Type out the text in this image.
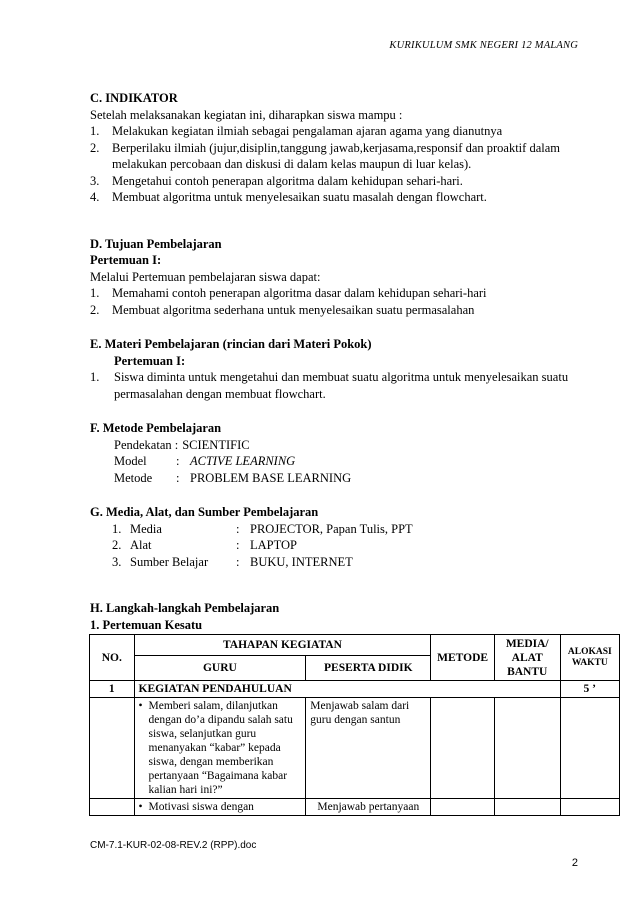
KURIKULUM SMK NEGERI 12 MALANG

C. INDIKATOR

Setelah melaksanakan kegiatan ini, diharapkan siswa mampu :

1.	Melakukan kegiatan ilmiah sebagai pengalaman ajaran agama yang dianutnya
2.	Berperilaku ilmiah (jujur,disiplin,tanggung jawab,kerjasama,responsif dan proaktif dalam melakukan percobaan dan diskusi di dalam kelas maupun di luar kelas).
3.	Mengetahui contoh penerapan algoritma dalam kehidupan sehari-hari.
4.	Membuat algoritma untuk menyelesaikan suatu masalah dengan flowchart.

D. Tujuan Pembelajaran

Pertemuan I:

Melalui Pertemuan pembelajaran siswa dapat:

1.	Memahami contoh penerapan algoritma dasar dalam kehidupan sehari-hari
2.	Membuat algoritma sederhana untuk menyelesaikan suatu permasalahan

E. Materi Pembelajaran (rincian dari Materi Pokok)

Pertemuan I:

1.	Siswa diminta untuk mengetahui dan membuat suatu algoritma untuk menyelesaikan suatu permasalahan dengan membuat flowchart.

F. Metode Pembelajaran

Pendekatan : SCIENTIFIC
Model	: ACTIVE LEARNING
Metode	: PROBLEM BASE LEARNING

G. Media, Alat, dan Sumber Pembelajaran

1. Media	: PROJECTOR, Papan Tulis, PPT
2. Alat	: LAPTOP
3. Sumber Belajar	: BUKU, INTERNET

H. Langkah-langkah Pembelajaran

1. Pertemuan Kesatu

NO.	TAHAPAN KEGIATAN		METODE	MEDIA/ ALAT BANTU	ALOKASI WAKTU
	GURU	PESERTA DIDIK			
1	KEGIATAN PENDAHULUAN				5 ’

	• Memberi salam, dilanjutkan dengan do’a dipandu salah satu siswa, selanjutkan guru menanyakan “kabar” kepada siswa, dengan memberikan pertanyaan “Bagaimana kabar kalian hari ini?”	Menjawab salam dari guru dengan santun			

	• Motivasi siswa dengan	Menjawab pertanyaan			
CM-7.1-KUR-02-08-REV.2 (RPP).doc
2
